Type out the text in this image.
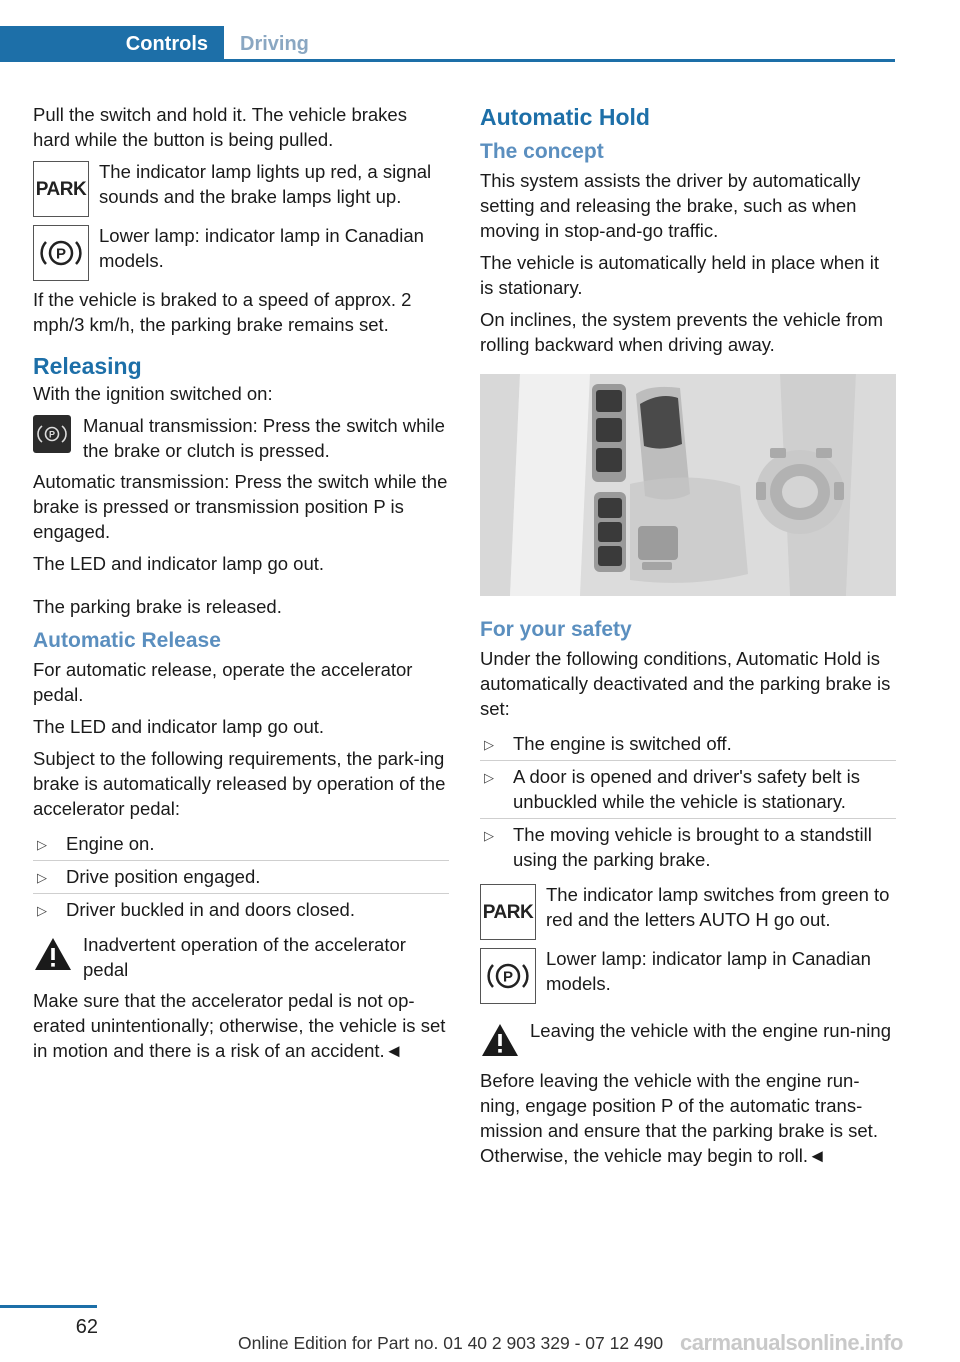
Controls	Driving

Pull the switch and hold it. The vehicle brakes hard while the button is being pulled.

PARK
The indicator lamp lights up red, a signal sounds and the brake lamps light up.
P
Lower lamp: indicator lamp in Canadian models.

If the vehicle is braked to a speed of approx. 2 mph/3 km/h, the parking brake remains set.

Releasing

With the ignition switched on:

P	Manual transmission: Press the switch while the brake or clutch is pressed.

Automatic transmission: Press the switch while the brake is pressed or transmission position P is engaged.

The LED and indicator lamp go out.

The parking brake is released.

Automatic Release

For automatic release, operate the accelerator pedal.

The LED and indicator lamp go out.

Subject to the following requirements, the park‐ing brake is automatically released by operation of the accelerator pedal:

▷ Engine on.
▷ Drive position engaged.
▷ Driver buckled in and doors closed.
Inadvertent operation of the accelerator pedal

Make sure that the accelerator pedal is not op‐erated unintentionally; otherwise, the vehicle is set in motion and there is a risk of an accident.◄

Automatic Hold
The concept

This system assists the driver by automatically setting and releasing the brake, such as when moving in stop-and-go traffic.

The vehicle is automatically held in place when it is stationary.

On inclines, the system prevents the vehicle from rolling backward when driving away.

For your safety

Under the following conditions, Automatic Hold is automatically deactivated and the parking brake is set:

▷ The engine is switched off.
▷ A door is opened and driver's safety belt is unbuckled while the vehicle is stationary.
▷ The moving vehicle is brought to a standstill using the parking brake.
PARK
The indicator lamp switches from green to red and the letters AUTO H go out.
P
Lower lamp: indicator lamp in Canadian models.
Leaving the vehicle with the engine run‐ning

Before leaving the vehicle with the engine run‐ning, engage position P of the automatic trans‐mission and ensure that the parking brake is set. Otherwise, the vehicle may begin to roll.◄

62
Online Edition for Part no. 01 40 2 903 329 - 07 12 490 carmanualsonline.info
